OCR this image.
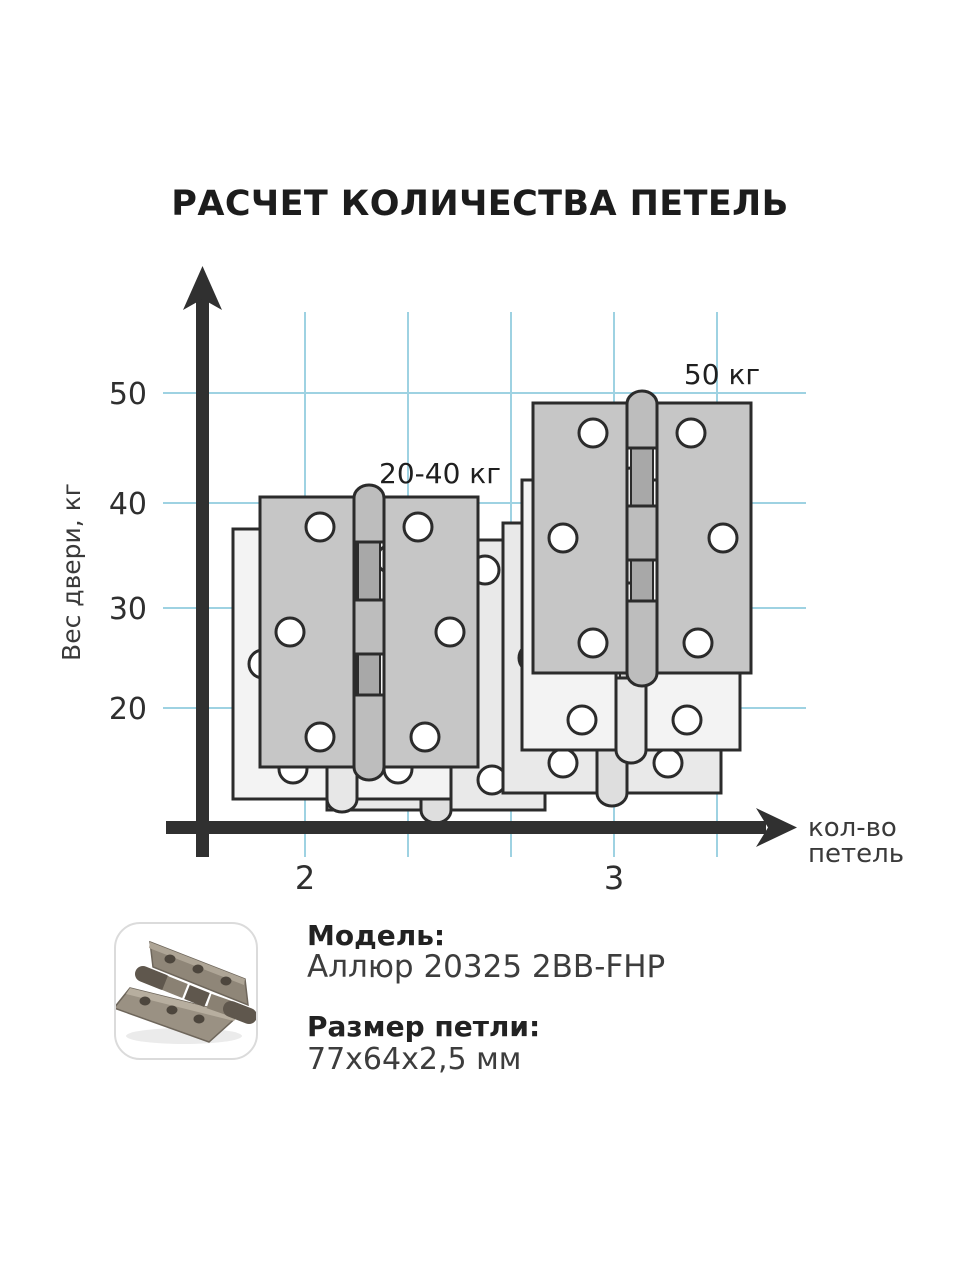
РАСЧЕТ КОЛИЧЕСТВА ПЕТЕЛЬ
50
40
30
20
2	3
Вес двери, кг
кол-во
петель
20-40 кг
50 кг
Модель:
Аллюр 20325 2BB-FHP
Размер петли:
77х64х2,5 мм
